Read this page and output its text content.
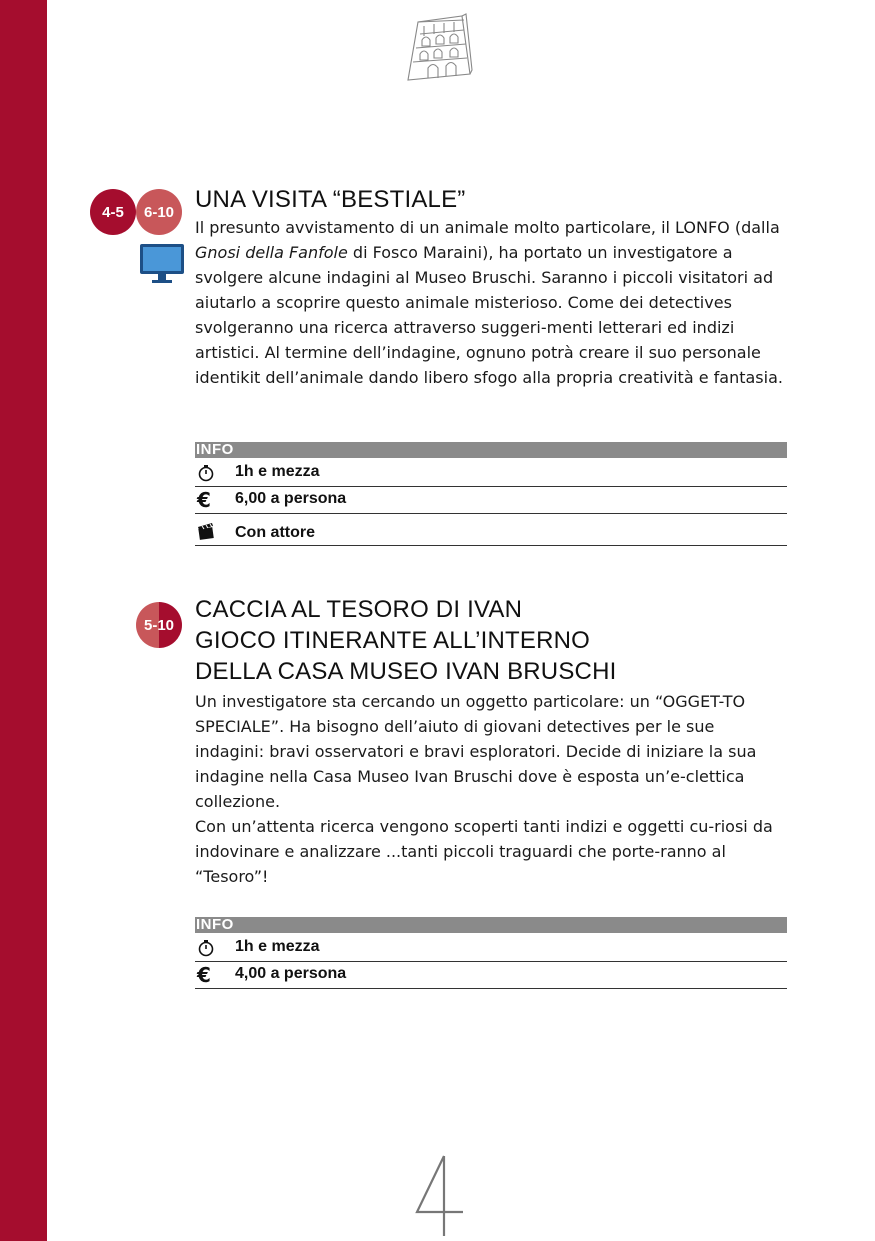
4-5	6-10 UNA VISITA “BESTIALE”

Il presunto avvistamento di un animale molto particolare, il LONFO (dalla Gnosi della Fanfole di Fosco Maraini), ha portato un investigatore a svolgere alcune indagini al Museo Bruschi. Saranno i piccoli visitatori ad aiutarlo a scoprire questo animale misterioso. Come dei detectives svolgeranno una ricerca attraverso suggeri-menti letterari ed indizi artistici. Al termine dell’indagine, ognuno potrà creare il suo personale identikit dell’animale dando libero sfogo alla propria creatività e fantasia.

INFO
1h e mezza
€ 6,00 a persona
Con attore
5-10
CACCIA AL TESORO DI IVAN
GIOCO ITINERANTE ALL’INTERNO
DELLA CASA MUSEO IVAN BRUSCHI

Un investigatore sta cercando un oggetto particolare: un “OGGET-TO SPECIALE”. Ha bisogno dell’aiuto di giovani detectives per le sue indagini: bravi osservatori e bravi esploratori. Decide di iniziare la sua indagine nella Casa Museo Ivan Bruschi dove è esposta un’e-clettica collezione.

Con un’attenta ricerca vengono scoperti tanti indizi e oggetti cu-riosi da indovinare e analizzare ...tanti piccoli traguardi che porte-ranno al “Tesoro”!

INFO
1h e mezza
€ 4,00 a persona
